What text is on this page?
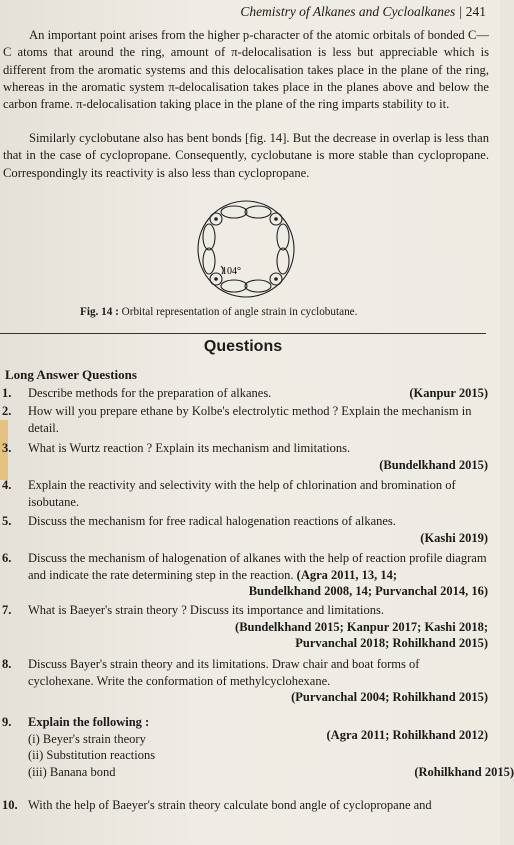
Chemistry of Alkanes and Cycloalkanes | 241

An important point arises from the higher p-character of the atomic orbitals of bonded C—C atoms that around the ring, amount of π-delocalisation is less but appreciable which is different from the aromatic systems and this delocalisation takes place in the plane of the ring, whereas in the aromatic system π-delocalisation takes place in the planes above and below the carbon frame. π-delocalisation taking place in the plane of the ring imparts stability to it.

Similarly cyclobutane also has bent bonds [fig. 14]. But the decrease in overlap is less than that in the case of cyclopropane. Consequently, cyclobutane is more stable than cyclopropane. Correspondingly its reactivity is also less than cyclopropane.

104°
Fig. 14 : Orbital representation of angle strain in cyclobutane.
Questions
Long Answer Questions
1. Describe methods for the preparation of alkanes.	(Kanpur 2015)
2. How will you prepare ethane by Kolbe's electrolytic method ? Explain the mechanism in detail.
3. What is Wurtz reaction ? Explain its mechanism and limitations.
(Bundelkhand 2015)
4. Explain the reactivity and selectivity with the help of chlorination and bromination of isobutane.
5. Discuss the mechanism for free radical halogenation reactions of alkanes.
(Kashi 2019)
6. Discuss the mechanism of halogenation of alkanes with the help of reaction profile diagram and indicate the rate determining step in the reaction. (Agra 2011, 13, 14;
Bundelkhand 2008, 14; Purvanchal 2014, 16)
7. What is Baeyer's strain theory ? Discuss its importance and limitations.
(Bundelkhand 2015; Kanpur 2017; Kashi 2018;
Purvanchal 2018; Rohilkhand 2015)
8. Discuss Bayer's strain theory and its limitations. Draw chair and boat forms of cyclohexane. Write the conformation of methylcyclohexane.
(Purvanchal 2004; Rohilkhand 2015)
9. Explain the following :
(i) Beyer's strain theory	(Agra 2011; Rohilkhand 2012)
(ii) Substitution reactions
(iii) Banana bond	(Rohilkhand 2015)
10. With the help of Baeyer's strain theory calculate bond angle of cyclopropane and
